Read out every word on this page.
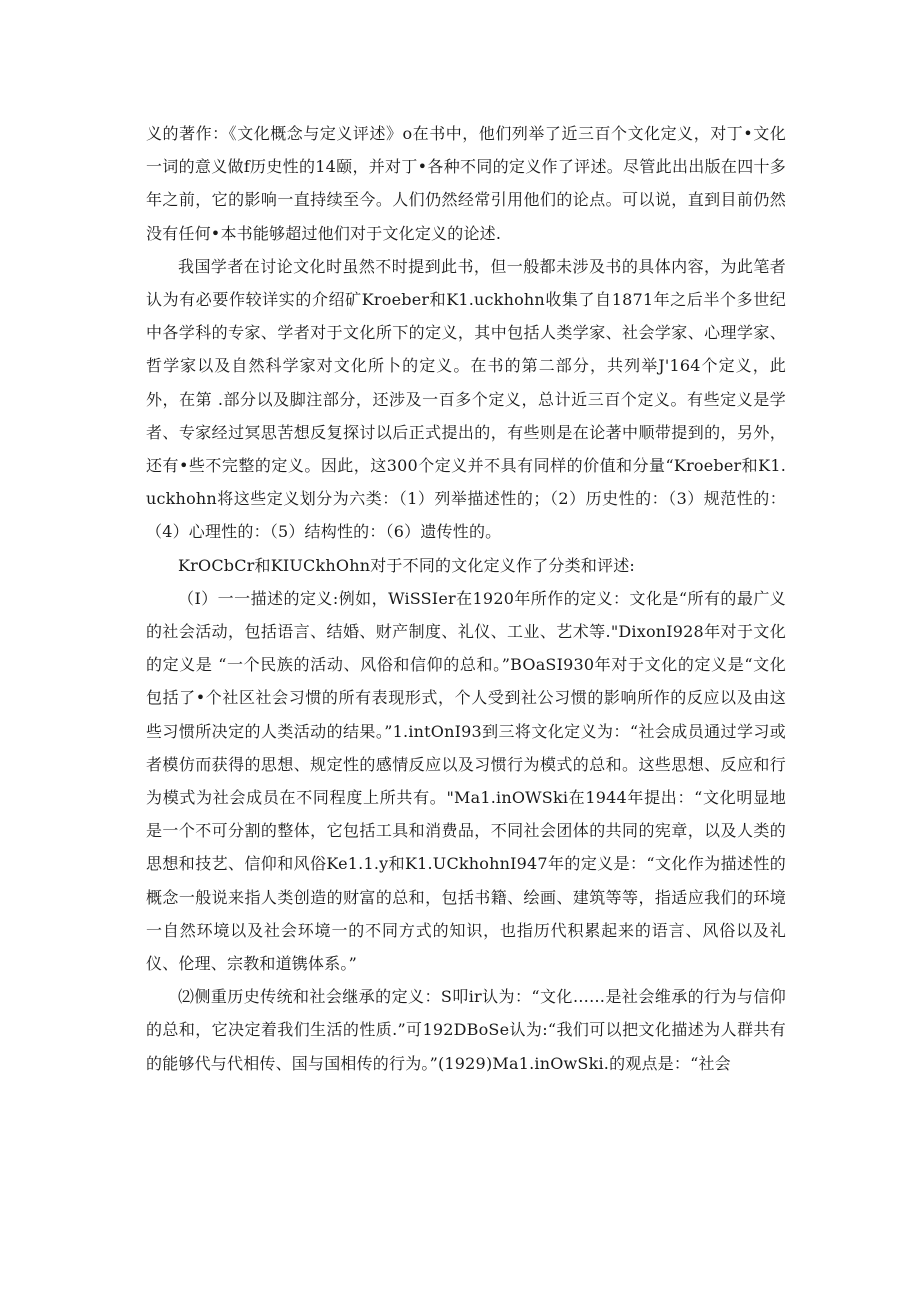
义的著作：《文化概念与定义评述》o在书中，他们列举了近三百个文化定义，对丁•文化一词的意义做f历史性的14颐，并对丁•各种不同的定义作了评述。尽管此出出版在四十多年之前，它的影响一直持续至今。人们仍然经常引用他们的论点。可以说，直到目前仍然没有任何•本书能够超过他们对于文化定义的论述.

我国学者在讨论文化时虽然不时提到此书，但一般都未涉及书的具体内容，为此笔者认为有必要作较详实的介绍矿Kroeber和K1.uckhohn收集了自1871年之后半个多世纪中各学科的专家、学者对于文化所下的定义，其中包括人类学家、社会学家、心理学家、哲学家以及自然科学家对文化所卜的定义。在书的第二部分，共列举J'164个定义，此外，在第 .部分以及脚注部分，还涉及一百多个定义，总计近三百个定义。有些定义是学者、专家经过冥思苦想反复探讨以后正式提出的，有些则是在论著中顺带提到的，另外，还有•些不完整的定义。因此，这300个定义并不具有同样的价值和分量“Kroeber和K1.uckhohn将这些定义划分为六类：（1）列举描述性的；（2）历史性的：（3）规范性的：（4）心理性的：（5）结构性的：（6）遗传性的。

KrOCbCr和KIUCkhOhn对于不同的文化定义作了分类和评述:

（I）一一描述的定义:例如，WiSSIer在1920年所作的定义：文化是“所有的最广义的社会活动，包括语言、结婚、财产制度、礼仪、工业、艺术等."DixonI928年对于文化的定义是 “一个民族的活动、风俗和信仰的总和。”BOaSI930年对于文化的定义是“文化包括了•个社区社会习惯的所有表现形式，个人受到社公习惯的影响所作的反应以及由这些习惯所决定的人类活动的结果。”1.intOnI93到三将文化定义为：“社会成员通过学习或者模仿而获得的思想、规定性的感情反应以及习惯行为模式的总和。这些思想、反应和行为模式为社会成员在不同程度上所共有。"Ma1.inOWSki在1944年提出：“文化明显地是一个不可分割的整体，它包括工具和消费品，不同社会团体的共同的宪章，以及人类的思想和技艺、信仰和风俗Ke1.1.y和K1.UCkhohnI947年的定义是：“文化作为描述性的概念一般说来指人类创造的财富的总和，包括书籍、绘画、建筑等等，指适应我们的环境一自然环境以及社会环境一的不同方式的知识，也指历代积累起来的语言、风俗以及礼仪、伦理、宗教和道镌体系。”

⑵侧重历史传统和社会继承的定义：S叩ir认为：“文化……是社会维承的行为与信仰的总和，它决定着我们生活的性质.”可192DBoSe认为:“我们可以把文化描述为人群共有的能够代与代相传、国与国相传的行为。”(1929)Ma1.inOwSki.的观点是：“社会
